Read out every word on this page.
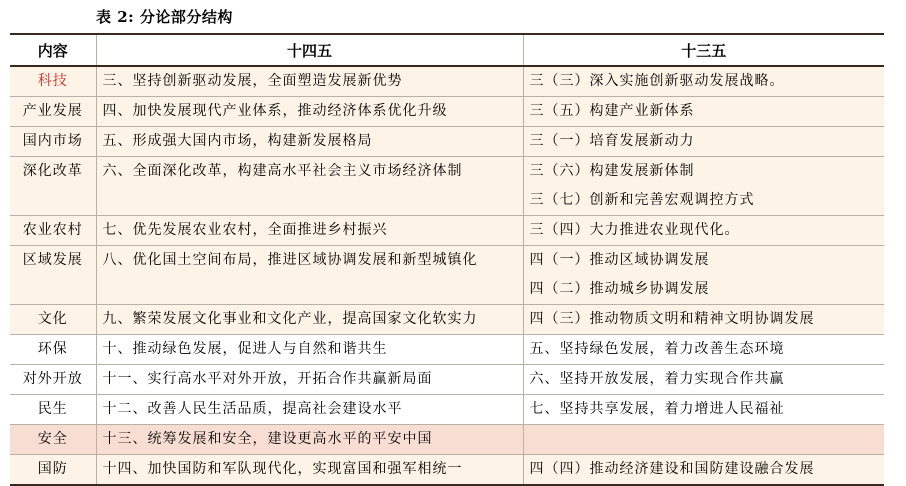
表 2: 分论部分结构
内容	十四五	十三五

科技	三、坚持创新驱动发展，全面塑造发展新优势	三（三）深入实施创新驱动发展战略。

产业发展	四、加快发展现代产业体系，推动经济体系优化升级	三（五）构建产业新体系

国内市场	五、形成强大国内市场，构建新发展格局	三（一）培育发展新动力

深化改革	六、全面深化改革，构建高水平社会主义市场经济体制	三（六）构建发展新体制
三（七）创新和完善宏观调控方式

农业农村	七、优先发展农业农村，全面推进乡村振兴	三（四）大力推进农业现代化。

区域发展	八、优化国土空间布局，推进区域协调发展和新型城镇化	四（一）推动区域协调发展
四（二）推动城乡协调发展

文化	九、繁荣发展文化事业和文化产业，提高国家文化软实力	四（三）推动物质文明和精神文明协调发展

环保	十、推动绿色发展，促进人与自然和谐共生	五、坚持绿色发展，着力改善生态环境

对外开放	十一、实行高水平对外开放，开拓合作共赢新局面	六、坚持开放发展，着力实现合作共赢

民生	十二、改善人民生活品质，提高社会建设水平	七、坚持共享发展，着力增进人民福祉

安全	十三、统筹发展和安全，建设更高水平的平安中国	

国防	十四、加快国防和军队现代化，实现富国和强军相统一	四（四）推动经济建设和国防建设融合发展
